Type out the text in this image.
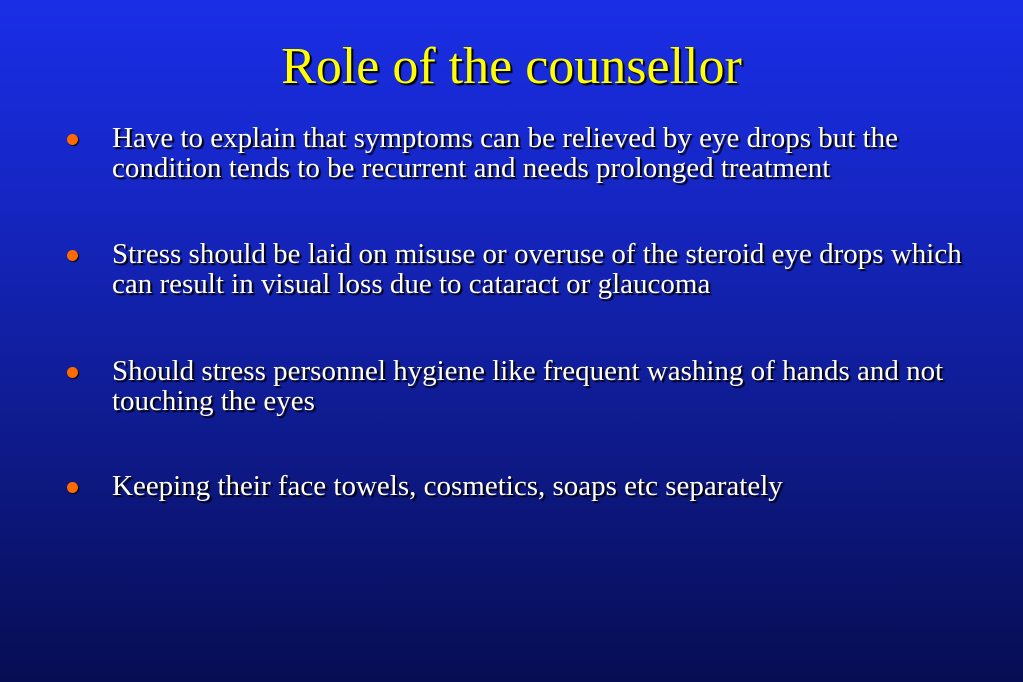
Role of the counsellor
Have to explain that symptoms can be relieved by eye drops but the condition tends to be recurrent and needs prolonged treatment
Stress should be laid on misuse or overuse of the steroid eye drops which can result in visual loss due to cataract or glaucoma
Should stress personnel hygiene like frequent washing of hands and not touching the eyes
Keeping their face towels, cosmetics, soaps etc separately
